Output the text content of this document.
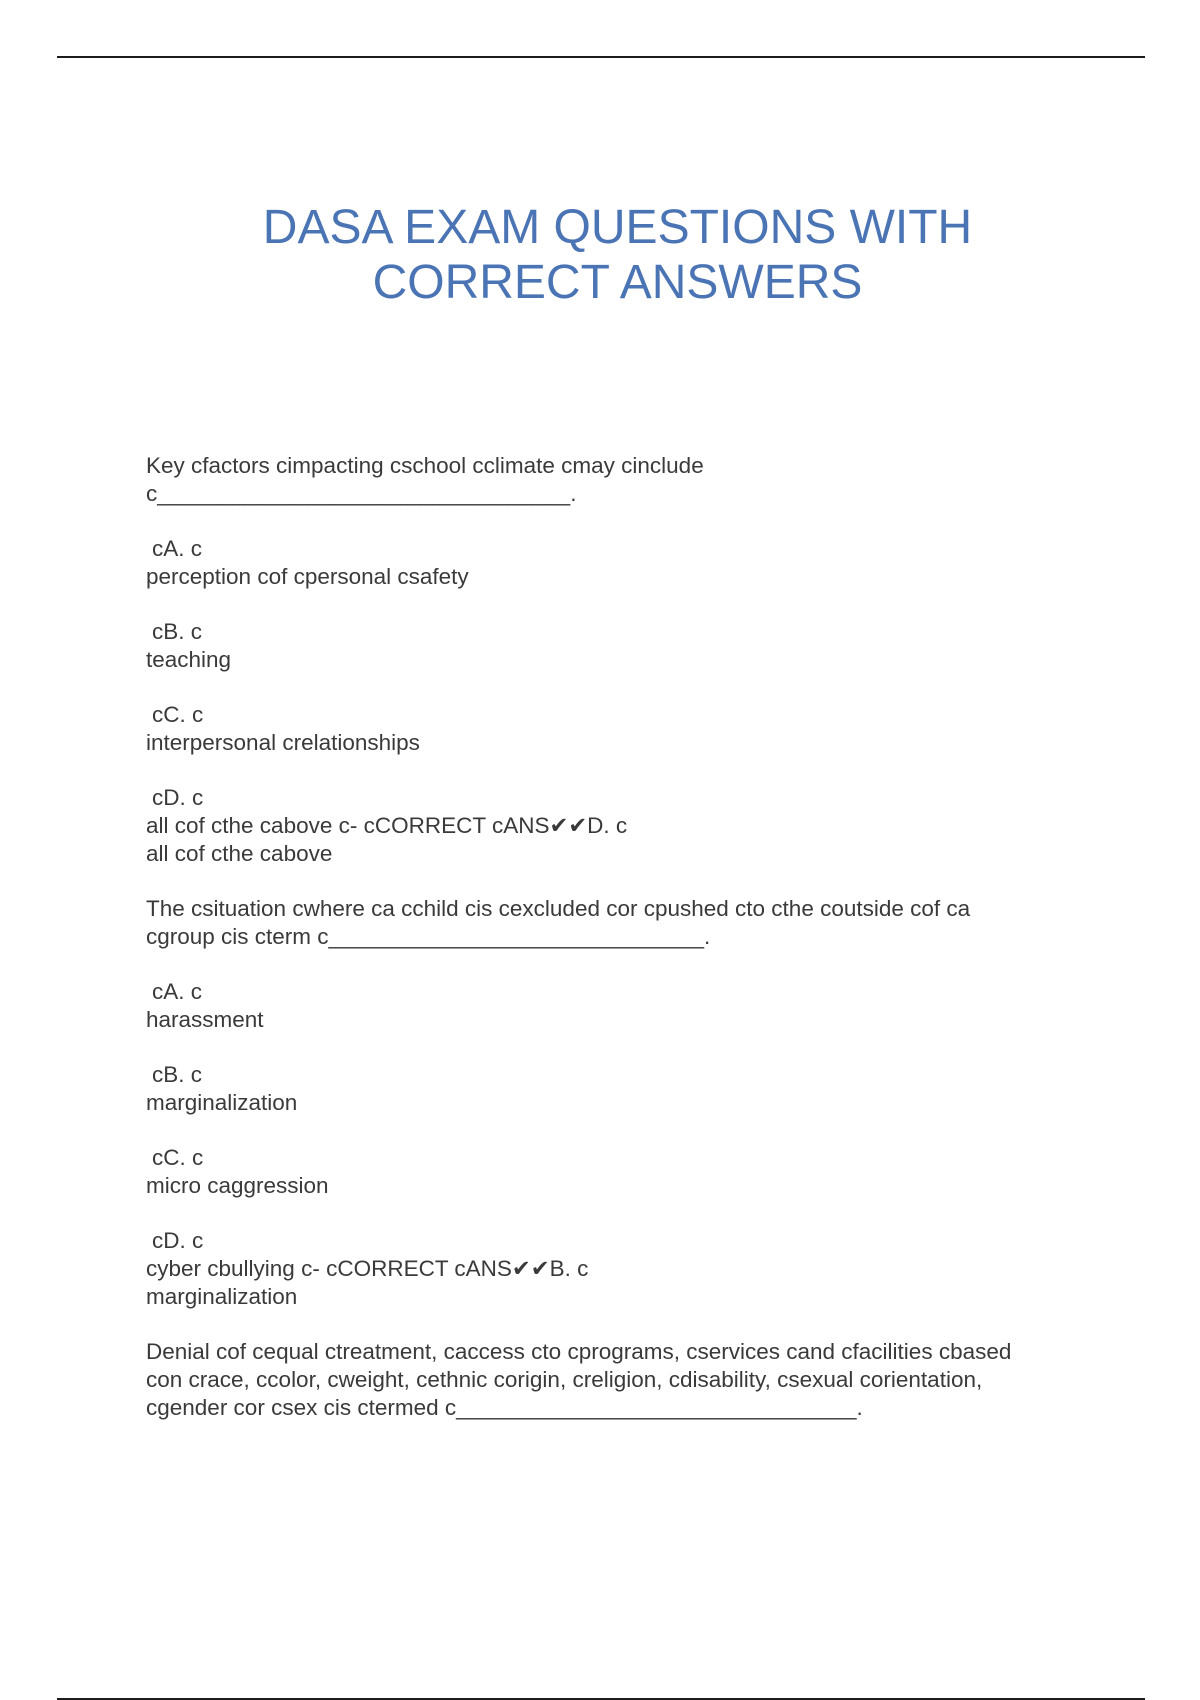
DASA EXAM QUESTIONS WITH
CORRECT ANSWERS
Key cfactors cimpacting cschool cclimate cmay cinclude
c_________________________________.
cA. c
perception cof cpersonal csafety
cB. c
teaching
cC. c
interpersonal crelationships
cD. c
all cof cthe cabove c- cCORRECT cANS✔✔D. c
all cof cthe cabove
The csituation cwhere ca cchild cis cexcluded cor cpushed cto cthe coutside cof ca
cgroup cis cterm c______________________________.
cA. c
harassment
cB. c
marginalization
cC. c
micro caggression
cD. c
cyber cbullying c- cCORRECT cANS✔✔B. c
marginalization
Denial cof cequal ctreatment, caccess cto cprograms, cservices cand cfacilities cbased
con crace, ccolor, cweight, cethnic corigin, creligion, cdisability, csexual corientation,
cgender cor csex cis ctermed c________________________________.
